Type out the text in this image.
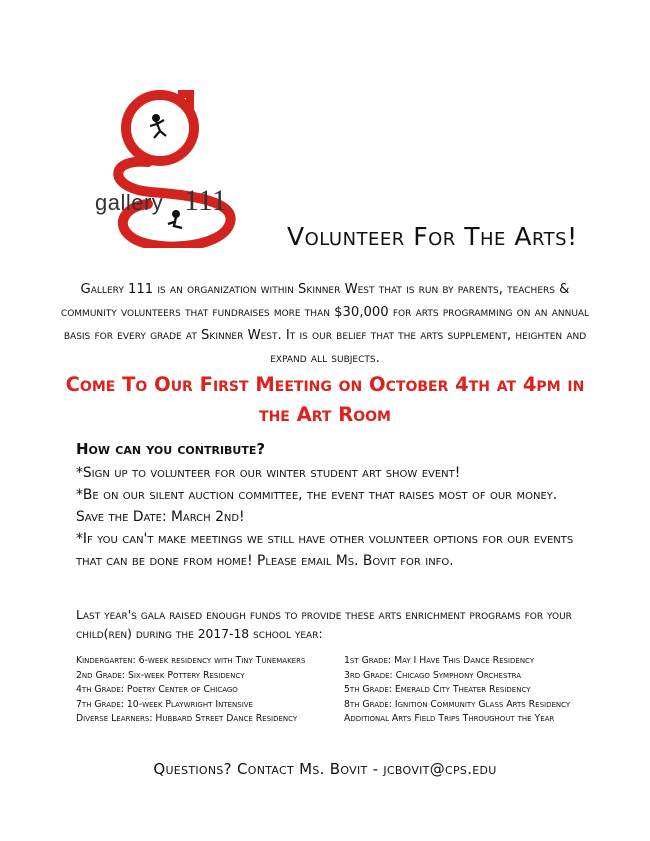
gallery 111
Volunteer For The Arts!
Gallery 111 is an organization within Skinner West that is run by parents, teachers & community volunteers that fundraises more than $30,000 for arts programming on an annual basis for every grade at Skinner West. It is our belief that the arts supplement, heighten and expand all subjects.
Come To Our First Meeting on October 4th at 4pm in the Art Room
How can you contribute?

*Sign up to volunteer for our winter student art show event!

*Be on our silent auction committee, the event that raises most of our money. Save the Date: March 2nd!

*If you can't make meetings we still have other volunteer options for our events that can be done from home! Please email Ms. Bovit for info.

Last year's gala raised enough funds to provide these arts enrichment programs for your child(ren) during the 2017-18 school year:
Kindergarten: 6-week residency with Tiny Tunemakers
2nd Grade: Six-week Pottery Residency
4th Grade: Poetry Center of Chicago
7th Grade: 10-week Playwright Intensive
Diverse Learners: Hubbard Street Dance Residency
1st Grade: May I Have This Dance Residency
3rd Grade: Chicago Symphony Orchestra
5th Grade: Emerald City Theater Residency
8th Grade: Ignition Community Glass Arts Residency
Additional Arts Field Trips Throughout the Year
Questions? Contact Ms. Bovit - jcbovit@cps.edu
